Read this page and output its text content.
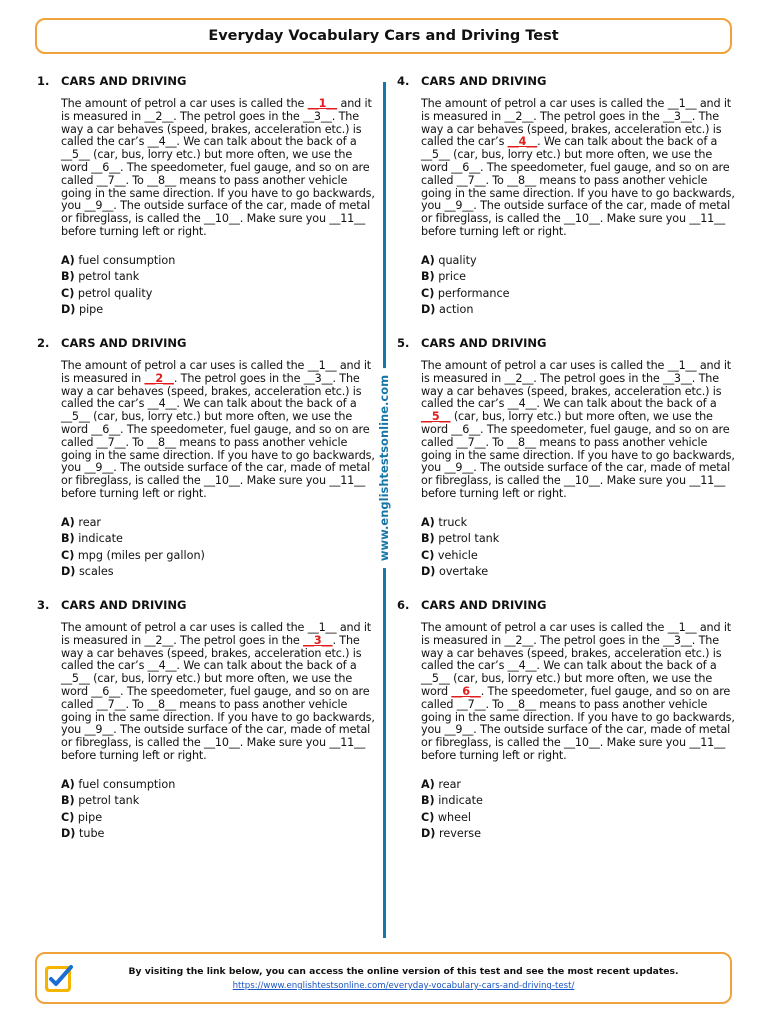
Everyday Vocabulary Cars and Driving Test
www.englishtestsonline.com
1. CARS AND DRIVING
The amount of petrol a car uses is called the __1__ and it is measured in __2__. The petrol goes in the __3__. The way a car behaves (speed, brakes, acceleration etc.) is called the car’s __4__. We can talk about the back of a __5__ (car, bus, lorry etc.) but more often, we use the word __6__. The speedometer, fuel gauge, and so on are called __7__. To __8__ means to pass another vehicle going in the same direction. If you have to go backwards, you __9__. The outside surface of the car, made of metal or fibreglass, is called the __10__. Make sure you __11__ before turning left or right.
A) fuel consumption
B) petrol tank
C) petrol quality
D) pipe
2. CARS AND DRIVING
The amount of petrol a car uses is called the __1__ and it is measured in __2__. The petrol goes in the __3__. The way a car behaves (speed, brakes, acceleration etc.) is called the car’s __4__. We can talk about the back of a __5__ (car, bus, lorry etc.) but more often, we use the word __6__. The speedometer, fuel gauge, and so on are called __7__. To __8__ means to pass another vehicle going in the same direction. If you have to go backwards, you __9__. The outside surface of the car, made of metal or fibreglass, is called the __10__. Make sure you __11__ before turning left or right.
A) rear
B) indicate
C) mpg (miles per gallon)
D) scales
3. CARS AND DRIVING
The amount of petrol a car uses is called the __1__ and it is measured in __2__. The petrol goes in the __3__. The way a car behaves (speed, brakes, acceleration etc.) is called the car’s __4__. We can talk about the back of a __5__ (car, bus, lorry etc.) but more often, we use the word __6__. The speedometer, fuel gauge, and so on are called __7__. To __8__ means to pass another vehicle going in the same direction. If you have to go backwards, you __9__. The outside surface of the car, made of metal or fibreglass, is called the __10__. Make sure you __11__ before turning left or right.
A) fuel consumption
B) petrol tank
C) pipe
D) tube
4. CARS AND DRIVING
The amount of petrol a car uses is called the __1__ and it is measured in __2__. The petrol goes in the __3__. The way a car behaves (speed, brakes, acceleration etc.) is called the car’s __4__. We can talk about the back of a __5__ (car, bus, lorry etc.) but more often, we use the word __6__. The speedometer, fuel gauge, and so on are called __7__. To __8__ means to pass another vehicle going in the same direction. If you have to go backwards, you __9__. The outside surface of the car, made of metal or fibreglass, is called the __10__. Make sure you __11__ before turning left or right.
A) quality
B) price
C) performance
D) action
5. CARS AND DRIVING
The amount of petrol a car uses is called the __1__ and it is measured in __2__. The petrol goes in the __3__. The way a car behaves (speed, brakes, acceleration etc.) is called the car’s __4__. We can talk about the back of a __5__ (car, bus, lorry etc.) but more often, we use the word __6__. The speedometer, fuel gauge, and so on are called __7__. To __8__ means to pass another vehicle going in the same direction. If you have to go backwards, you __9__. The outside surface of the car, made of metal or fibreglass, is called the __10__. Make sure you __11__ before turning left or right.
A) truck
B) petrol tank
C) vehicle
D) overtake
6. CARS AND DRIVING
The amount of petrol a car uses is called the __1__ and it is measured in __2__. The petrol goes in the __3__. The way a car behaves (speed, brakes, acceleration etc.) is called the car’s __4__. We can talk about the back of a __5__ (car, bus, lorry etc.) but more often, we use the word __6__. The speedometer, fuel gauge, and so on are called __7__. To __8__ means to pass another vehicle going in the same direction. If you have to go backwards, you __9__. The outside surface of the car, made of metal or fibreglass, is called the __10__. Make sure you __11__ before turning left or right.
A) rear
B) indicate
C) wheel
D) reverse
By visiting the link below, you can access the online version of this test and see the most recent updates.
https://www.englishtestsonline.com/everyday-vocabulary-cars-and-driving-test/
